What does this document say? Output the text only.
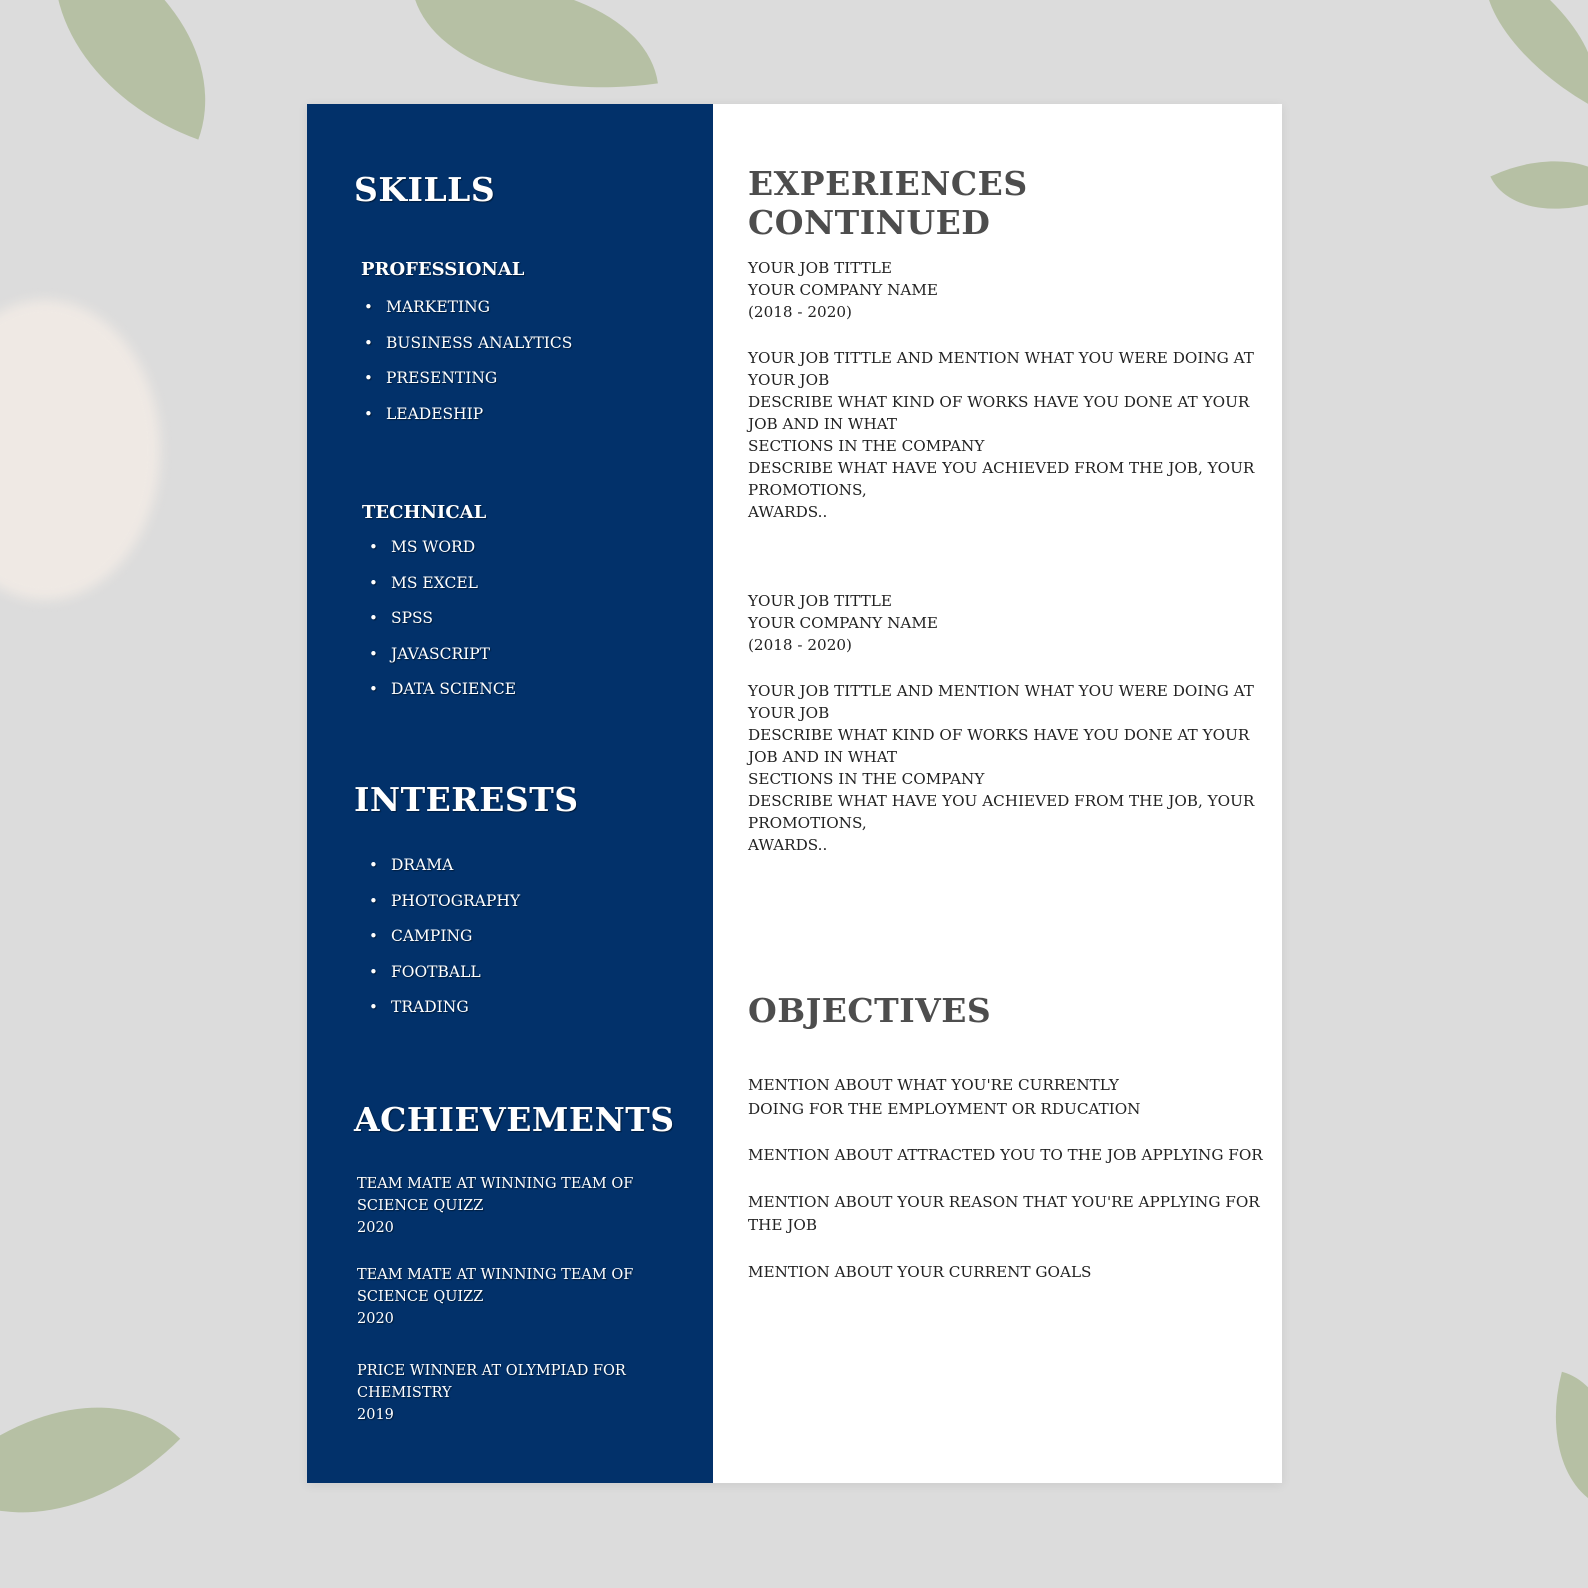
SKILLS
PROFESSIONAL
• MARKETING
• BUSINESS ANALYTICS
• PRESENTING
• LEADESHIP
TECHNICAL
• MS WORD
• MS EXCEL
• SPSS
• JAVASCRIPT
• DATA SCIENCE
INTERESTS
• DRAMA
• PHOTOGRAPHY
• CAMPING
• FOOTBALL
• TRADING
ACHIEVEMENTS
TEAM MATE AT WINNING TEAM OF
SCIENCE QUIZZ
2020
TEAM MATE AT WINNING TEAM OF
SCIENCE QUIZZ
2020
PRICE WINNER AT OLYMPIAD FOR
CHEMISTRY
2019
EXPERIENCES CONTINUED
YOUR JOB TITTLE
YOUR COMPANY NAME
(2018 - 2020)
YOUR JOB TITTLE AND MENTION WHAT YOU WERE DOING AT
YOUR JOB
DESCRIBE WHAT KIND OF WORKS HAVE YOU DONE AT YOUR
JOB AND IN WHAT
SECTIONS IN THE COMPANY
DESCRIBE WHAT HAVE YOU ACHIEVED FROM THE JOB, YOUR
PROMOTIONS,
AWARDS..
YOUR JOB TITTLE
YOUR COMPANY NAME
(2018 - 2020)
YOUR JOB TITTLE AND MENTION WHAT YOU WERE DOING AT
YOUR JOB
DESCRIBE WHAT KIND OF WORKS HAVE YOU DONE AT YOUR
JOB AND IN WHAT
SECTIONS IN THE COMPANY
DESCRIBE WHAT HAVE YOU ACHIEVED FROM THE JOB, YOUR
PROMOTIONS,
AWARDS..
OBJECTIVES

MENTION ABOUT WHAT YOU'RE CURRENTLY
DOING FOR THE EMPLOYMENT OR RDUCATION

MENTION ABOUT ATTRACTED YOU TO THE JOB APPLYING FOR

MENTION ABOUT YOUR REASON THAT YOU'RE APPLYING FOR
THE JOB

MENTION ABOUT YOUR CURRENT GOALS
